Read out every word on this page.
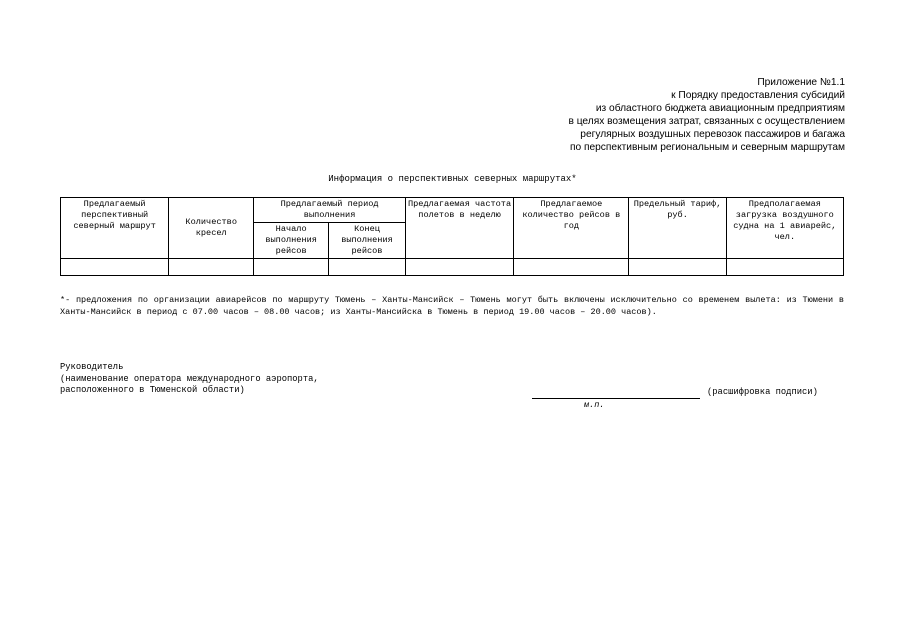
Приложение №1.1
к Порядку предоставления субсидий
из областного бюджета авиационным предприятиям
в целях возмещения затрат, связанных с осуществлением
регулярных воздушных перевозок пассажиров и багажа
по перспективным региональным и северным маршрутам
Информация о перспективных северных маршрутах*
Предлагаемый перспективный северный маршрут	Количество кресел	Предлагаемый период выполнения		Предлагаемая частота полетов в неделю	Предлагаемое количество рейсов в год	Предельный тариф, руб.	Предполагаемая загрузка воздушного судна на 1 авиарейс, чел.
		Начало выполнения рейсов	Конец выполнения рейсов				

*- предложения по организации авиарейсов по маршруту Тюмень – Ханты-Мансийск – Тюмень могут быть включены исключительно со временем вылета: из Тюмени в Ханты-Мансийск в период с 07.00 часов – 08.00 часов; из Ханты-Мансийска в Тюмень в период 19.00 часов – 20.00 часов).
Руководитель
(наименование оператора международного аэропорта,
расположенного в Тюменской области)	(расшифровка подписи)
м.п.
